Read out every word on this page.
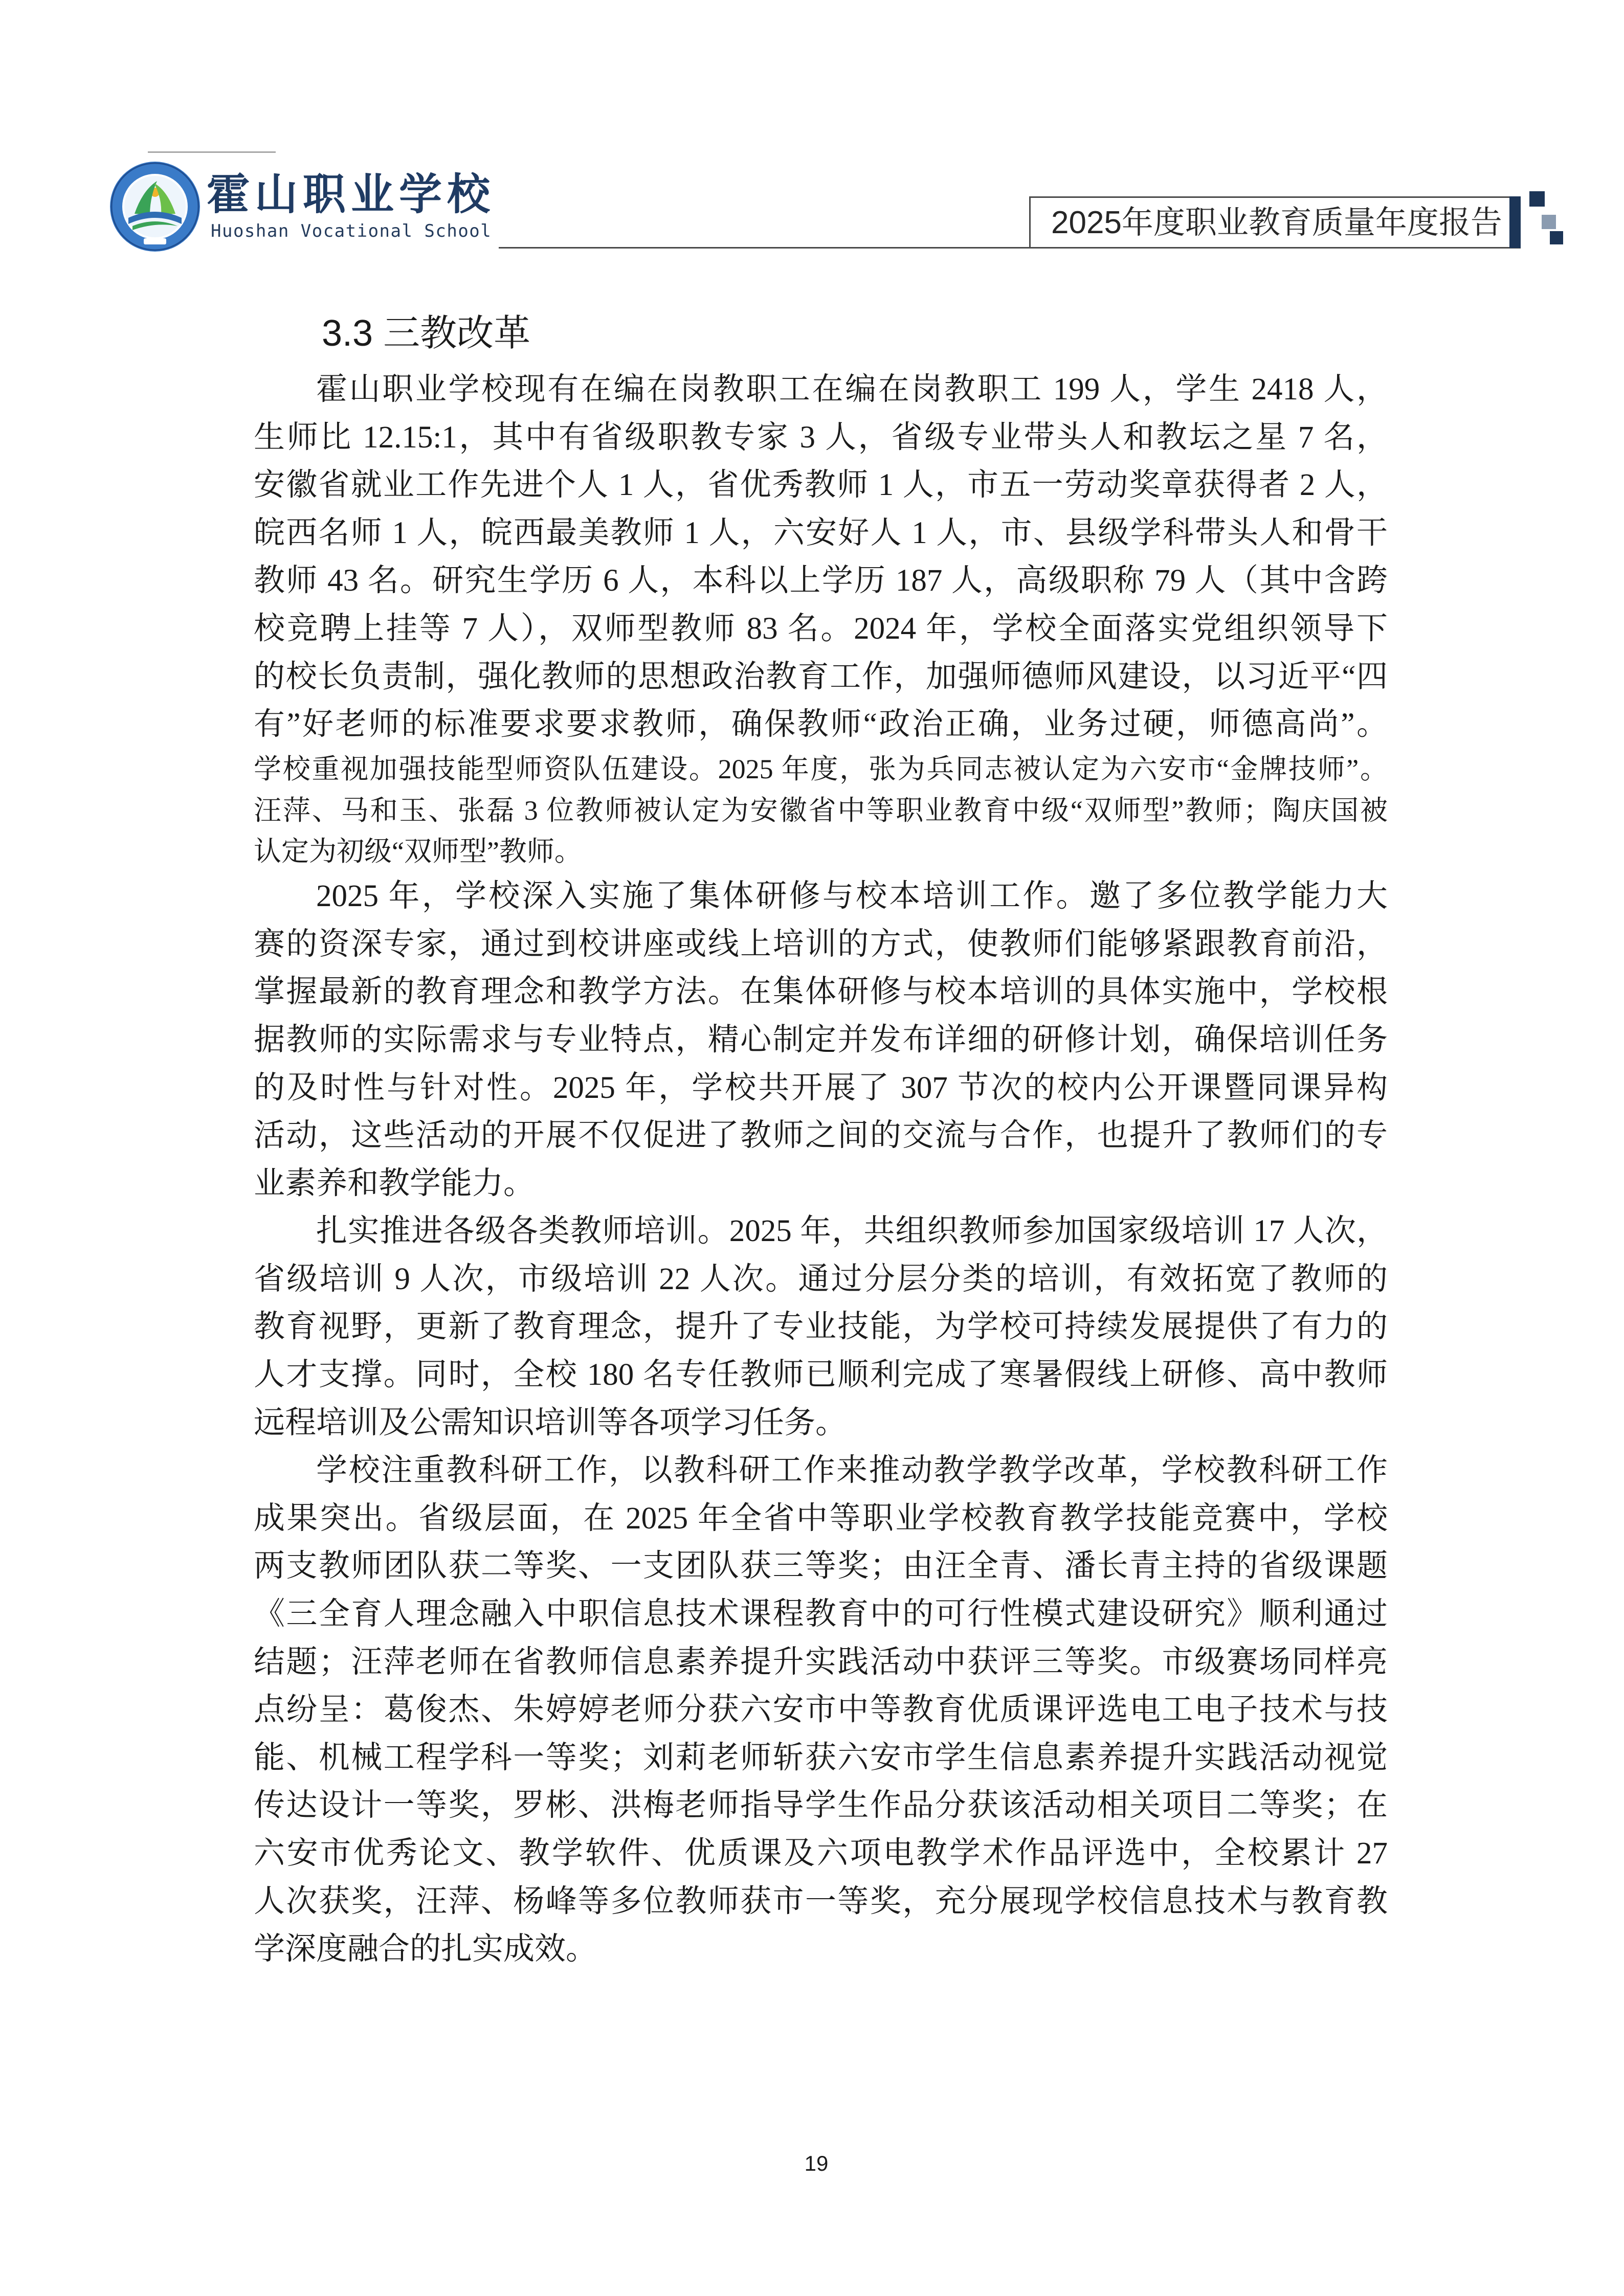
霍山职业学校
Huoshan Vocational School	2025年度职业教育质量年度报告
3.3 三教改革
霍山职业学校现有在编在岗教职工在编在岗教职工 199 人，学生 2418 人，
生师比 12.15:1，其中有省级职教专家 3 人，省级专业带头人和教坛之星 7 名，
安徽省就业工作先进个人 1 人，省优秀教师 1 人，市五一劳动奖章获得者 2 人，
皖西名师 1 人，皖西最美教师 1 人，六安好人 1 人，市、县级学科带头人和骨干
教师 43 名。研究生学历 6 人，本科以上学历 187 人，高级职称 79 人（其中含跨
校竞聘上挂等 7 人），双师型教师 83 名。2024 年，学校全面落实党组织领导下
的校长负责制，强化教师的思想政治教育工作，加强师德师风建设，以习近平“四
有”好老师的标准要求要求教师，确保教师“政治正确，业务过硬，师德高尚”。
学校重视加强技能型师资队伍建设。2025 年度，张为兵同志被认定为六安市“金牌技师”。
汪萍、马和玉、张磊 3 位教师被认定为安徽省中等职业教育中级“双师型”教师；陶庆国被
认定为初级“双师型”教师。
2025 年，学校深入实施了集体研修与校本培训工作。邀了多位教学能力大
赛的资深专家，通过到校讲座或线上培训的方式，使教师们能够紧跟教育前沿，
掌握最新的教育理念和教学方法。在集体研修与校本培训的具体实施中，学校根
据教师的实际需求与专业特点，精心制定并发布详细的研修计划，确保培训任务
的及时性与针对性。2025 年，学校共开展了 307 节次的校内公开课暨同课异构
活动，这些活动的开展不仅促进了教师之间的交流与合作，也提升了教师们的专
业素养和教学能力。
扎实推进各级各类教师培训。2025 年，共组织教师参加国家级培训 17 人次，
省级培训 9 人次，市级培训 22 人次。通过分层分类的培训，有效拓宽了教师的
教育视野，更新了教育理念，提升了专业技能，为学校可持续发展提供了有力的
人才支撑。同时，全校 180 名专任教师已顺利完成了寒暑假线上研修、高中教师
远程培训及公需知识培训等各项学习任务。
学校注重教科研工作，以教科研工作来推动教学教学改革，学校教科研工作
成果突出。省级层面，在 2025 年全省中等职业学校教育教学技能竞赛中，学校
两支教师团队获二等奖、一支团队获三等奖；由汪全青、潘长青主持的省级课题
《三全育人理念融入中职信息技术课程教育中的可行性模式建设研究》顺利通过
结题；汪萍老师在省教师信息素养提升实践活动中获评三等奖。市级赛场同样亮
点纷呈：葛俊杰、朱婷婷老师分获六安市中等教育优质课评选电工电子技术与技
能、机械工程学科一等奖；刘莉老师斩获六安市学生信息素养提升实践活动视觉
传达设计一等奖，罗彬、洪梅老师指导学生作品分获该活动相关项目二等奖；在
六安市优秀论文、教学软件、优质课及六项电教学术作品评选中，全校累计 27
人次获奖，汪萍、杨峰等多位教师获市一等奖，充分展现学校信息技术与教育教
学深度融合的扎实成效。
19
